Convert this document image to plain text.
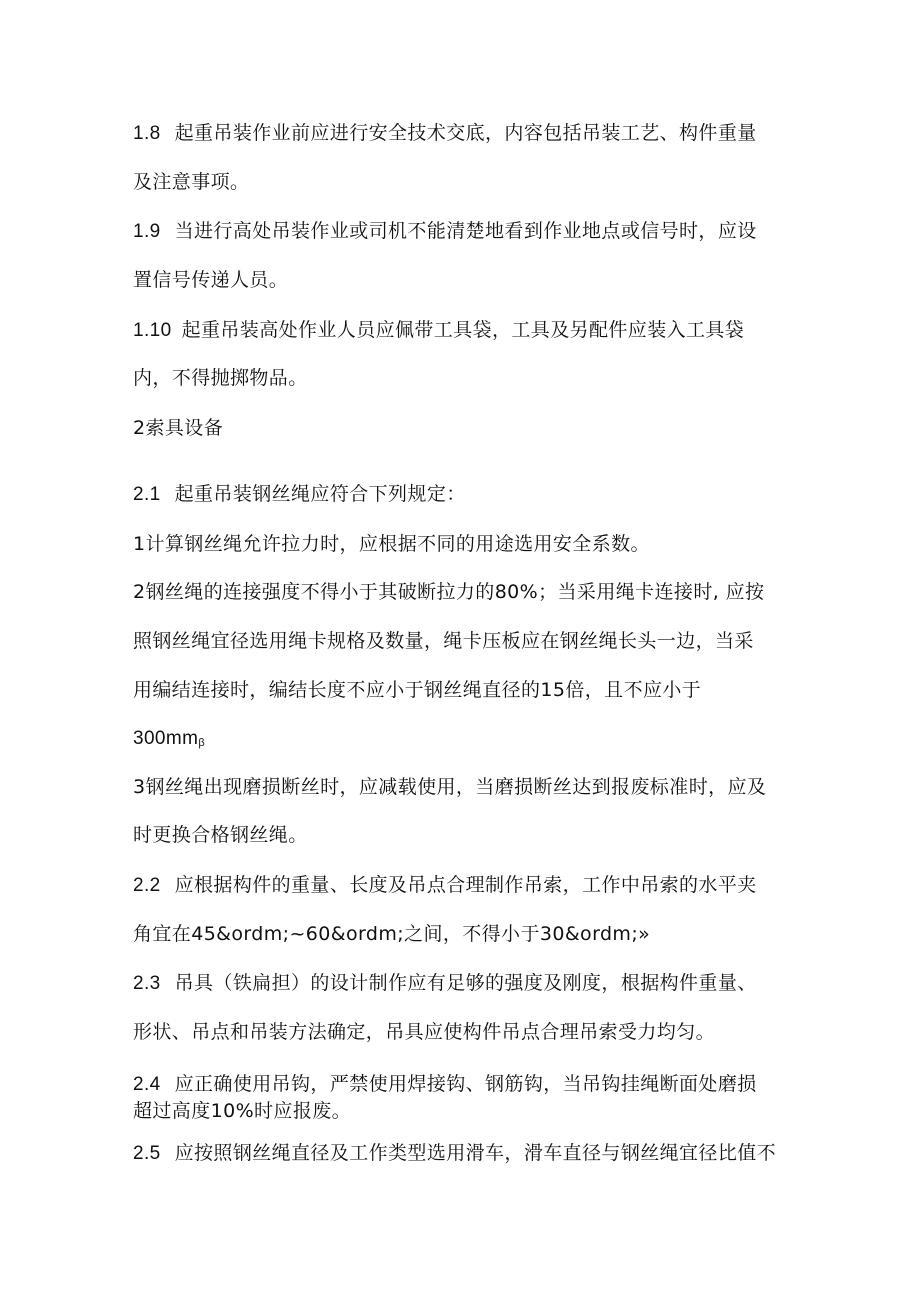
1.8 起重吊装作业前应进行安全技术交底，内容包括吊装工艺、构件重量

及注意事项。

1.9 当进行高处吊装作业或司机不能清楚地看到作业地点或信号时，应设

置信号传递人员。

1.10 起重吊装高处作业人员应佩带工具袋，工具及另配件应装入工具袋

内，不得抛掷物品。

2索具设备

2.1 起重吊装钢丝绳应符合下列规定：

1计算钢丝绳允许拉力时，应根据不同的用途选用安全系数。

2钢丝绳的连接强度不得小于其破断拉力的80%；当采用绳卡连接时, 应按

照钢丝绳宜径选用绳卡规格及数量，绳卡压板应在钢丝绳长头一边，当采

用编结连接时，编结长度不应小于钢丝绳直径的15倍，且不应小于

$300mm_\beta$

3钢丝绳出现磨损断丝时，应减载使用，当磨损断丝达到报废标准时，应及

时更换合格钢丝绳。

2.2 应根据构件的重量、长度及吊点合理制作吊索，工作中吊索的水平夹

角宜在45&ordm;~60&ordm;之间，不得小于30&ordm;»

2.3 吊具（铁扁担）的设计制作应有足够的强度及刚度，根据构件重量、

形状、吊点和吊装方法确定，吊具应使构件吊点合理吊索受力均匀。

2.4 应正确使用吊钩，严禁使用焊接钩、钢筋钩，当吊钩挂绳断面处磨损

超过高度10%时应报废。

2.5 应按照钢丝绳直径及工作类型选用滑车，滑车直径与钢丝绳宜径比值不
